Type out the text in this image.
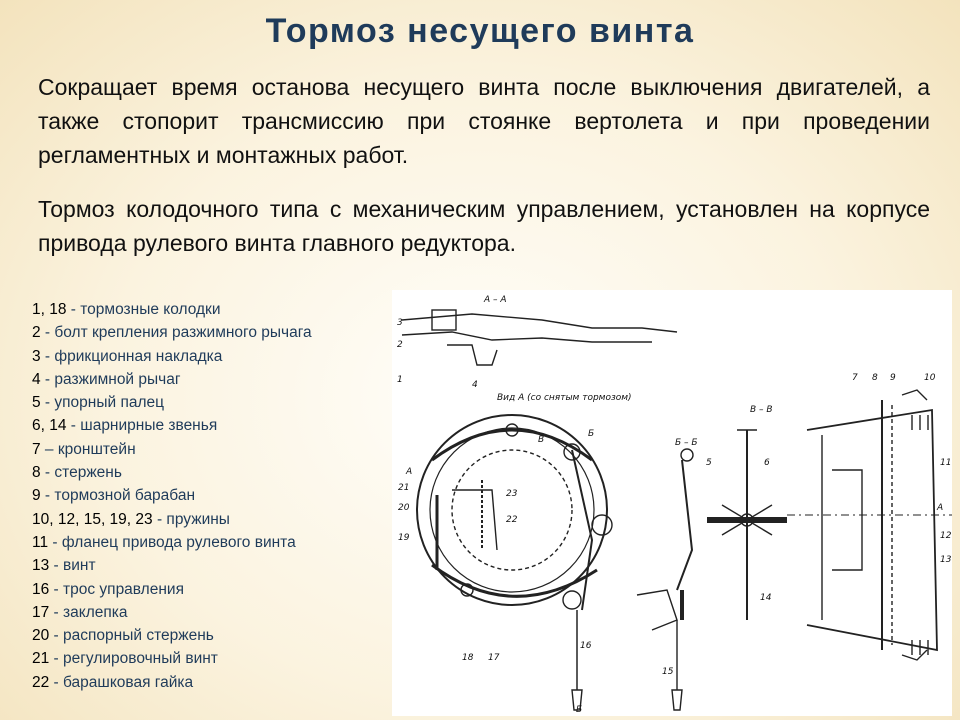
Тормоз несущего винта
Сокращает время останова несущего винта после выключения двигателей, а также стопорит трансмиссию при стоянке вертолета и при проведении регламентных и монтажных работ.
Тормоз колодочного типа с механическим управлением, установлен на корпусе привода рулевого винта главного редуктора.
1, 18 - тормозные колодки
2 - болт крепления разжимного рычага
3 - фрикционная накладка
4 - разжимной рычаг
5 - упорный палец
6, 14 - шарнирные звенья
7 – кронштейн
8 - стержень
9 - тормозной барабан
10, 12, 15, 19, 23 - пружины
11 - фланец привода рулевого винта
13 - винт
16 - трос управления
17 - заклепка
20 - распорный стержень
21 - регулировочный винт
22 - барашковая гайка
А – А
Вид А (со снятым тормозом)
В – В
Б – Б
3
2
1	4
5	6
7 8 9	10
11
12
13
14
15
16
17
18
19
20
21
22
23
А
А
Б
Б
В
